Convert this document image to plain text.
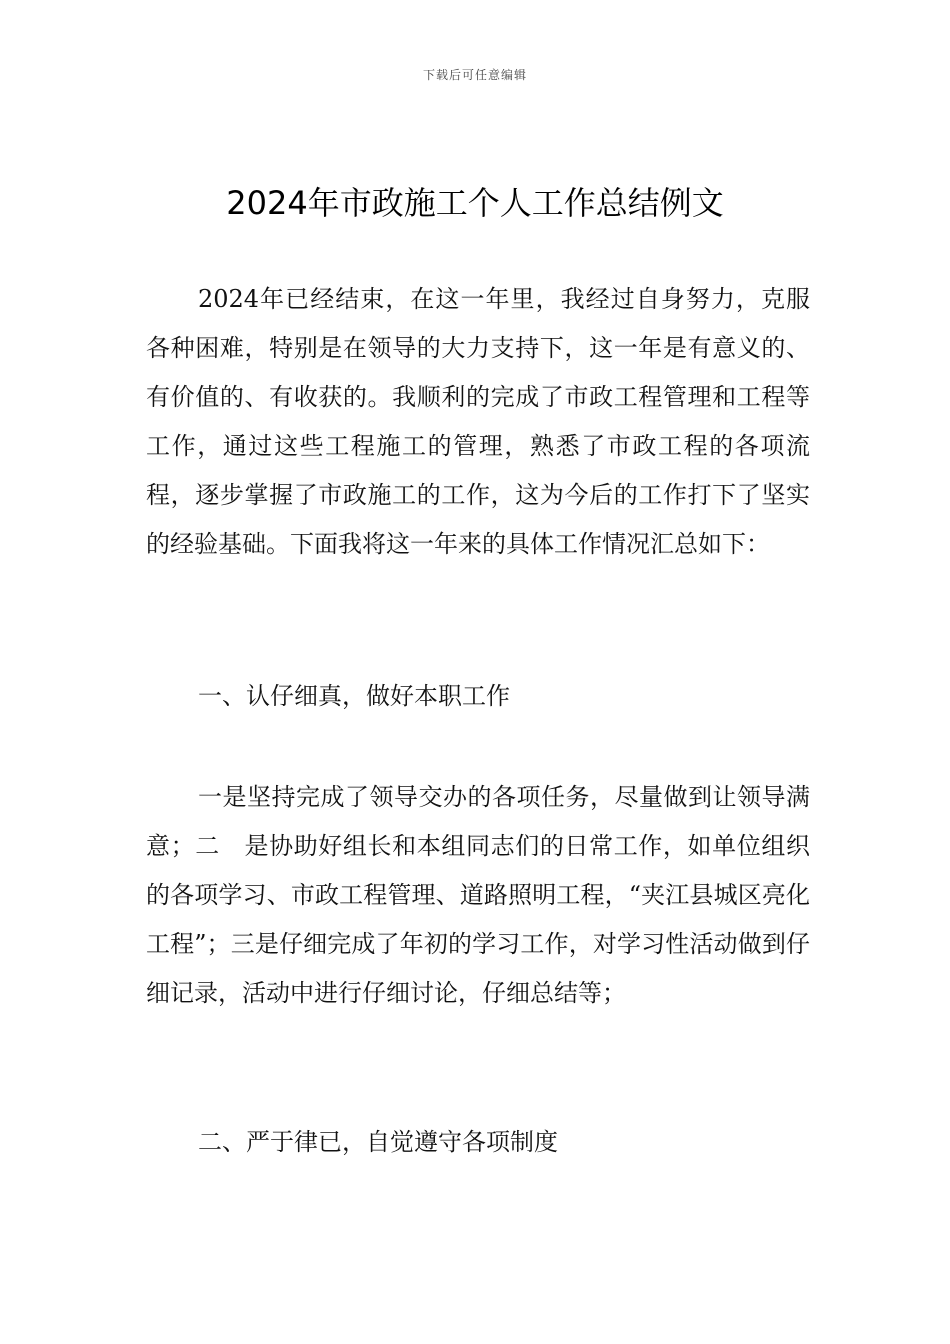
下载后可任意编辑
2024年市政施工个人工作总结例文

2024年已经结束，在这一年里，我经过自身努力，克服各种困难，特别是在领导的大力支持下，这一年是有意义的、有价值的、有收获的。我顺利的完成了市政工程管理和工程等工作，通过这些工程施工的管理，熟悉了市政工程的各项流程，逐步掌握了市政施工的工作，这为今后的工作打下了坚实的经验基础。下面我将这一年来的具体工作情况汇总如下：

一、认仔细真，做好本职工作

一是坚持完成了领导交办的各项任务，尽量做到让领导满意；二　是协助好组长和本组同志们的日常工作，如单位组织的各项学习、市政工程管理、道路照明工程，“夹江县城区亮化工程”；三是仔细完成了年初的学习工作，对学习性活动做到仔细记录，活动中进行仔细讨论，仔细总结等；

二、严于律已，自觉遵守各项制度
